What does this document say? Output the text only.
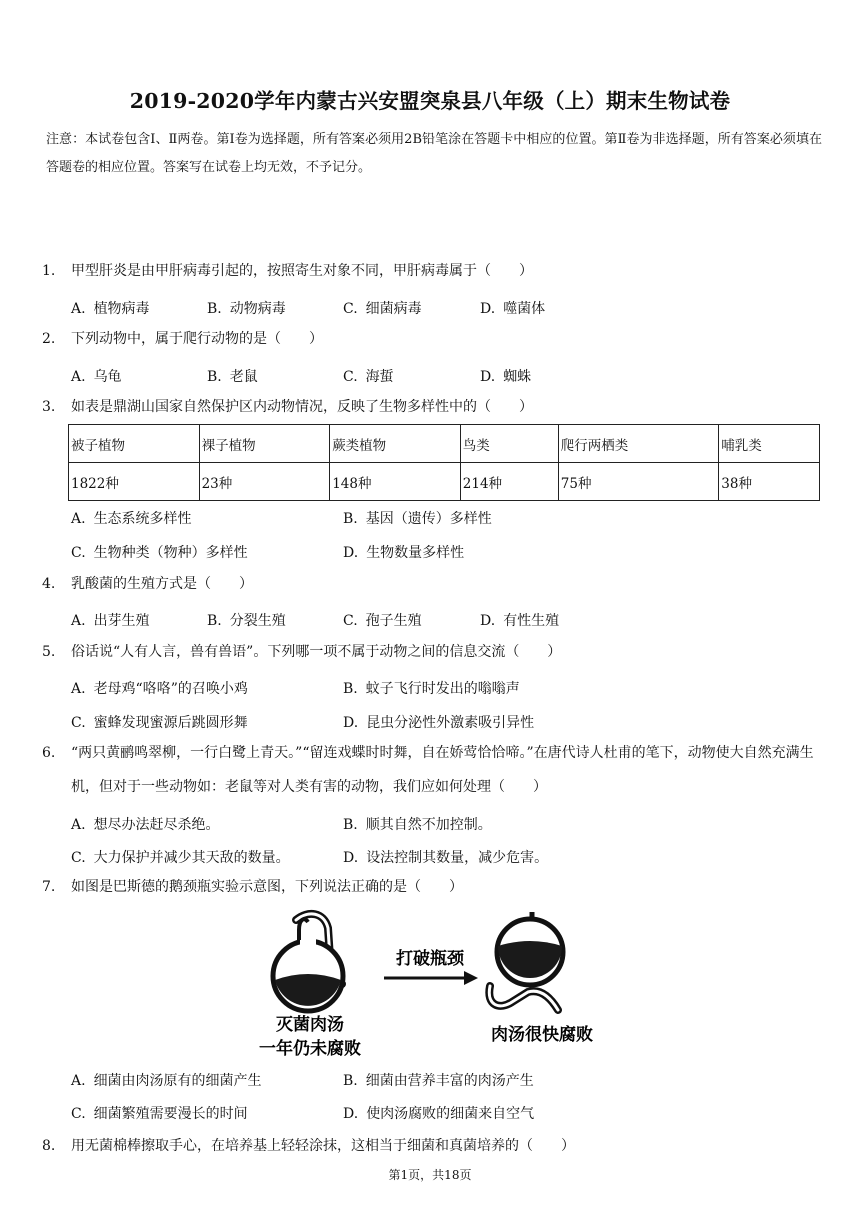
2019-2020学年内蒙古兴安盟突泉县八年级（上）期末生物试卷
注意：本试卷包含Ⅰ、Ⅱ两卷。第Ⅰ卷为选择题，所有答案必须用2B铅笔涂在答题卡中相应的位置。第Ⅱ卷为非选择题，所有答案必须填在答题卷的相应位置。答案写在试卷上均无效，不予记分。
1. 甲型肝炎是由甲肝病毒引起的，按照寄生对象不同，甲肝病毒属于（　　）
A. 植物病毒	B. 动物病毒	C. 细菌病毒	D. 噬菌体
2. 下列动物中，属于爬行动物的是（　　）
A. 乌龟	B. 老鼠	C. 海蜇	D. 蜘蛛
3. 如表是鼎湖山国家自然保护区内动物情况，反映了生物多样性中的（　　）
被子植物	裸子植物	蕨类植物	鸟类	爬行两栖类	哺乳类
1822种	23种	148种	214种	75种	38种
A. 生态系统多样性	B. 基因（遗传）多样性
C. 生物种类（物种）多样性	D. 生物数量多样性
4. 乳酸菌的生殖方式是（　　）
A. 出芽生殖	B. 分裂生殖	C. 孢子生殖	D. 有性生殖
5. 俗话说“人有人言，兽有兽语”。下列哪一项不属于动物之间的信息交流（　　）
A. 老母鸡“咯咯”的召唤小鸡	B. 蚊子飞行时发出的嗡嗡声
C. 蜜蜂发现蜜源后跳圆形舞	D. 昆虫分泌性外激素吸引异性
6. “两只黄鹂鸣翠柳，一行白鹭上青天。”“留连戏蝶时时舞，自在娇莺恰恰啼。”在唐代诗人杜甫的笔下，动物使大自然充满生机，但对于一些动物如：老鼠等对人类有害的动物，我们应如何处理（　　）
A. 想尽办法赶尽杀绝。	B. 顺其自然不加控制。
C. 大力保护并减少其天敌的数量。	D. 设法控制其数量，减少危害。
7. 如图是巴斯德的鹅颈瓶实验示意图，下列说法正确的是（　　）
打破瓶颈
灭菌肉汤
一年仍未腐败
肉汤很快腐败
A. 细菌由肉汤原有的细菌产生	B. 细菌由营养丰富的肉汤产生
C. 细菌繁殖需要漫长的时间	D. 使肉汤腐败的细菌来自空气
8. 用无菌棉棒擦取手心，在培养基上轻轻涂抹，这相当于细菌和真菌培养的（　　）
第1页，共18页
